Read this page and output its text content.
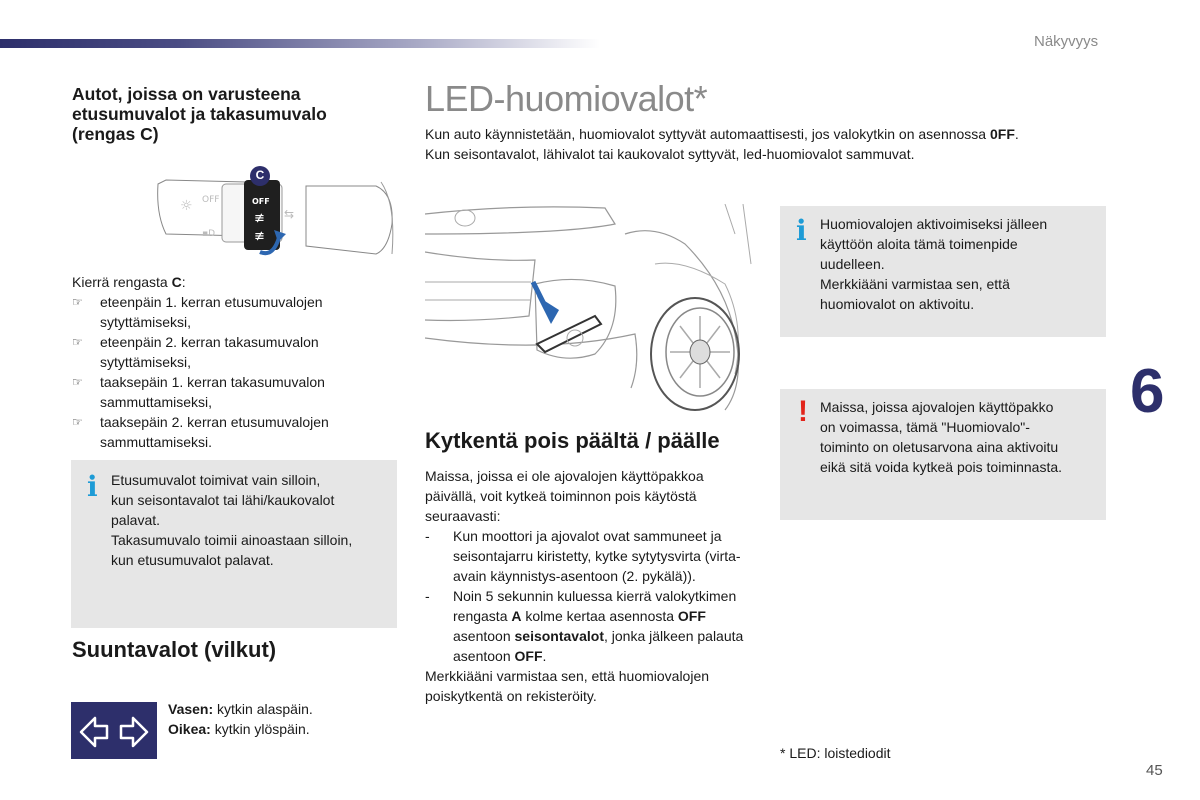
Näkyvyys
6
45
Autot, joissa on varusteena etusumuvalot ja takasumuvalo (rengas C)
OFF
≢
≢
OFF
☼
▪D
⇆
C
Kierrä rengasta C:
☞ eteenpäin 1. kerran etusumuvalojen sytyttämiseksi,
☞ eteenpäin 2. kerran takasumuvalon sytyttämiseksi,
☞ taaksepäin 1. kerran takasumuvalon sammuttamiseksi,
☞ taaksepäin 2. kerran etusumuvalojen sammuttamiseksi.
i Etusumuvalot toimivat vain silloin,
kun seisontavalot tai lähi/kaukovalot
palavat.
Takasumuvalo toimii ainoastaan silloin,
kun etusumuvalot palavat.
Suuntavalot (vilkut)
Vasen: kytkin alaspäin.
Oikea: kytkin ylöspäin.
LED-huomiovalot*
Kun auto käynnistetään, huomiovalot syttyvät automaattisesti, jos valokytkin on asennossa 0FF.
Kun seisontavalot, lähivalot tai kaukovalot syttyvät, led-huomiovalot sammuvat.
Kytkentä pois päältä / päälle
Maissa, joissa ei ole ajovalojen käyttöpakkoa päivällä, voit kytkeä toiminnon pois käytöstä seuraavasti:
- Kun moottori ja ajovalot ovat sammuneet ja seisontajarru kiristetty, kytke sytytysvirta (virta-avain käynnistys-asentoon (2. pykälä)).
- Noin 5 sekunnin kuluessa kierrä valokytkimen rengasta A kolme kertaa asennosta OFF asentoon seisontavalot, jonka jälkeen palauta asentoon OFF.
Merkkiääni varmistaa sen, että huomiovalojen poiskytkentä on rekisteröity.
i Huomiovalojen aktivoimiseksi jälleen
käyttöön aloita tämä toimenpide
uudelleen.
Merkkiääni varmistaa sen, että
huomiovalot on aktivoitu.
! Maissa, joissa ajovalojen käyttöpakko
on voimassa, tämä "Huomiovalo"-
toiminto on oletusarvona aina aktivoitu
eikä sitä voida kytkeä pois toiminnasta.
* LED: loistediodit
